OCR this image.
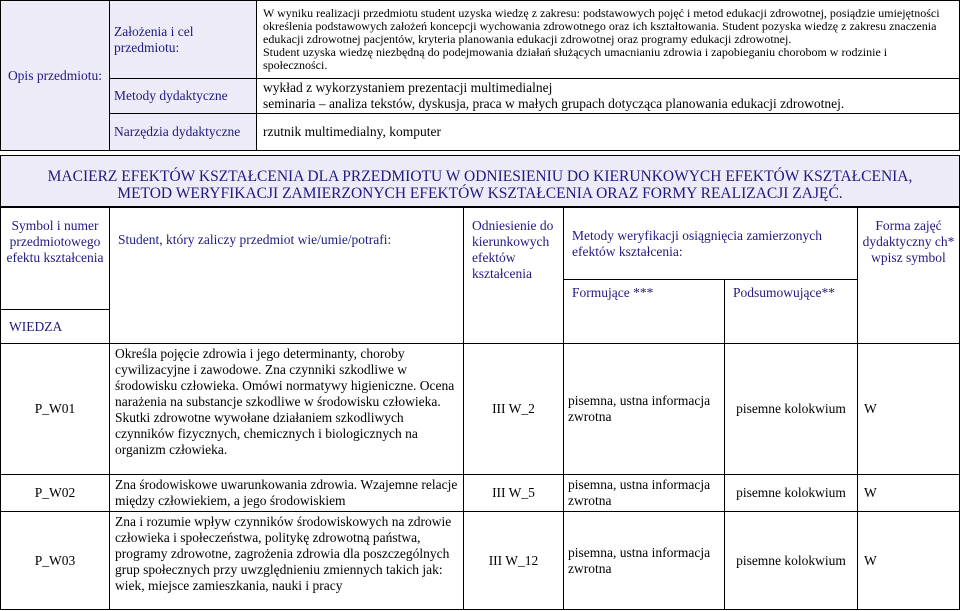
Opis przedmiotu:	Założenia i cel przedmiotu:	W wyniku realizacji przedmiotu student uzyska wiedzę z zakresu: podstawowych pojęć i metod edukacji zdrowotnej, posiądzie umiejętności określenia podstawowych założeń koncepcji wychowania zdrowotnego oraz ich kształtowania. Student pozyska wiedzę z zakresu znaczenia edukacji zdrowotnej pacjentów, kryteria planowania edukacji zdrowotnej oraz programy edukacji zdrowotnej.

Student uzyska wiedzę niezbędną do podejmowania działań służących umacnianiu zdrowia i zapobieganiu chorobom w rodzinie i społeczności.

	Metody dydaktyczne	wykład z wykorzystaniem prezentacji multimedialnej

seminaria – analiza tekstów, dyskusja, praca w małych grupach dotycząca planowania edukacji zdrowotnej.

	Narzędzia dydaktyczne	rzutnik multimedialny, komputer

MACIERZ EFEKTÓW KSZTAŁCENIA DLA PRZEDMIOTU W ODNIESIENIU DO KIERUNKOWYCH EFEKTÓW KSZTAŁCENIA,
METOD WERYFIKACJI ZAMIERZONYCH EFEKTÓW KSZTAŁCENIA ORAZ FORMY REALIZACJI ZAJĘĆ.
Symbol i numer przedmiotowego efektu kształcenia	Student, który zaliczy przedmiot wie/umie/potrafi:	Odniesienie do kierunkowych efektów kształcenia	Metody weryfikacji osiągnięcia zamierzonych efektów kształcenia:		Forma zajęć dydaktyczny ch* wpisz symbol
			Formujące ***	Podsumowujące**	
WIEDZA					
P_W01	Określa pojęcie zdrowia i jego determinanty, choroby cywilizacyjne i zawodowe. Zna czynniki szkodliwe w środowisku człowieka. Omówi normatywy higieniczne. Ocena narażenia na substancje szkodliwe w środowisku człowieka. Skutki zdrowotne wywołane działaniem szkodliwych czynników fizycznych, chemicznych i biologicznych na organizm człowieka.	III W_2	pisemna, ustna informacja zwrotna	pisemne kolokwium	W
P_W02	Zna środowiskowe uwarunkowania zdrowia. Wzajemne relacje między człowiekiem, a jego środowiskiem	III W_5	pisemna, ustna informacja zwrotna	pisemne kolokwium	W
P_W03	Zna i rozumie wpływ czynników środowiskowych na zdrowie człowieka i społeczeństwa, politykę zdrowotną państwa, programy zdrowotne, zagrożenia zdrowia dla poszczególnych grup społecznych przy uwzględnieniu zmiennych takich jak: wiek, miejsce zamieszkania, nauki i pracy	III W_12	pisemna, ustna informacja zwrotna	pisemne kolokwium	W
